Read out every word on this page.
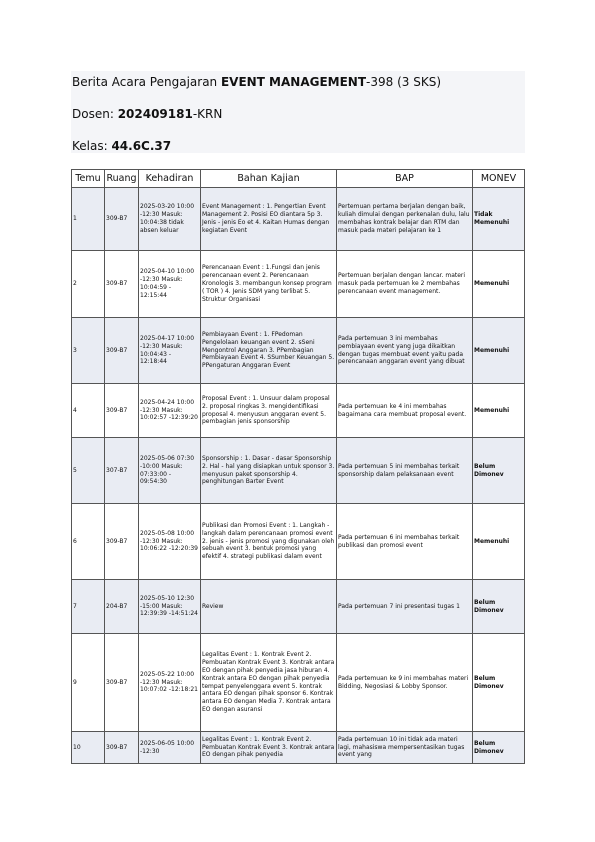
Berita Acara Pengajaran EVENT MANAGEMENT-398 (3 SKS)
Dosen: 202409181-KRN
Kelas: 44.6C.37
Temu	Ruang	Kehadiran	Bahan Kajian	BAP	MONEV
1	309-B7	2025-03-20 10:00 -12:30 Masuk: 10:04:38 tidak absen keluar	Event Management : 1. Pengertian Event Management 2. Posisi EO diantara 5p 3. Jenis - jenis Eo et 4. Kaitan Humas dengan kegiatan Event	Pertemuan pertama berjalan dengan baik, kuliah dimulai dengan perkenalan dulu, lalu membahas kontrak belajar dan RTM dan masuk pada materi pelajaran ke 1	Tidak Memenuhi
2	309-B7	2025-04-10 10:00 -12:30 Masuk: 10:04:59 - 12:15:44	Perencanaan Event : 1.Fungsi dan jenis perencanaan event 2. Perencanaan Kronologis 3. membangun konsep program ( TOR ) 4. Jenis SDM yang terlibat 5. Struktur Organisasi	Pertemuan berjalan dengan lancar. materi masuk pada pertemuan ke 2 membahas perencanaan event management.	Memenuhi
3	309-B7	2025-04-17 10:00 -12:30 Masuk: 10:04:43 - 12:18:44	Pembiayaan Event : 1. FPedoman Pengelolaan keuangan event 2. sSeni Mengontrol Anggaran 3. PPembagian Pembiayaan Event 4. SSumber Keuangan 5. PPengaturan Anggaran Event	Pada pertemuan 3 ini membahas pembiayaan event yang juga dikaitkan dengan tugas membuat event yaitu pada perencanaan anggaran event yang dibuat	Memenuhi
4	309-B7	2025-04-24 10:00 -12:30 Masuk: 10:02:57 -12:39:20	Proposal Event : 1. Unsuur dalam proposal 2. proposal ringkas 3. mengidentifikasi proposal 4. menyusun anggaran event 5. pembagian jenis sponsorship	Pada pertemuan ke 4 ini membahas bagaimana cara membuat proposal event.	Memenuhi
5	307-B7	2025-05-06 07:30 -10:00 Masuk: 07:33:00 - 09:54:30	Sponsorship : 1. Dasar - dasar Sponsorship 2. Hal - hal yang disiapkan untuk sponsor 3. menyusun paket sponsorship 4. penghitungan Barter Event	Pada pertemuan 5 ini membahas terkait sponsorship dalam pelaksanaan event	Belum Dimonev
6	309-B7	2025-05-08 10:00 -12:30 Masuk: 10:06:22 -12:20:39	Publikasi dan Promosi Event : 1. Langkah - langkah dalam perencanaan promosi event 2. jenis - jenis promosi yang digunakan oleh sebuah event 3. bentuk promosi yang efektif 4. strategi publikasi dalam event	Pada pertemuan 6 ini membahas terkait publikasi dan promosi event	Memenuhi
7	204-B7	2025-05-10 12:30 -15:00 Masuk: 12:39:39 -14:51:24	Review	Pada pertemuan 7 ini presentasi tugas 1	Belum Dimonev
9	309-B7	2025-05-22 10:00 -12:30 Masuk: 10:07:02 -12:18:21	Legalitas Event : 1. Kontrak Event 2. Pembuatan Kontrak Event 3. Kontrak antara EO dengan pihak penyedia jasa hiburan 4. Kontrak antara EO dengan pihak penyedia tempat penyelenggara event 5. kontrak antara EO dengan pihak sponsor 6. Kontrak antara EO dengan Media 7. Kontrak antara EO dengan asuransi	Pada pertemuan ke 9 ini membahas materi Bidding, Negosiasi & Lobby Sponsor.	Belum Dimonev
10	309-B7	2025-06-05 10:00 -12:30	Legalitas Event : 1. Kontrak Event 2. Pembuatan Kontrak Event 3. Kontrak antara EO dengan pihak penyedia	Pada pertemuan 10 ini tidak ada materi lagi, mahasiswa mempersentasikan tugas event yang	Belum Dimonev
